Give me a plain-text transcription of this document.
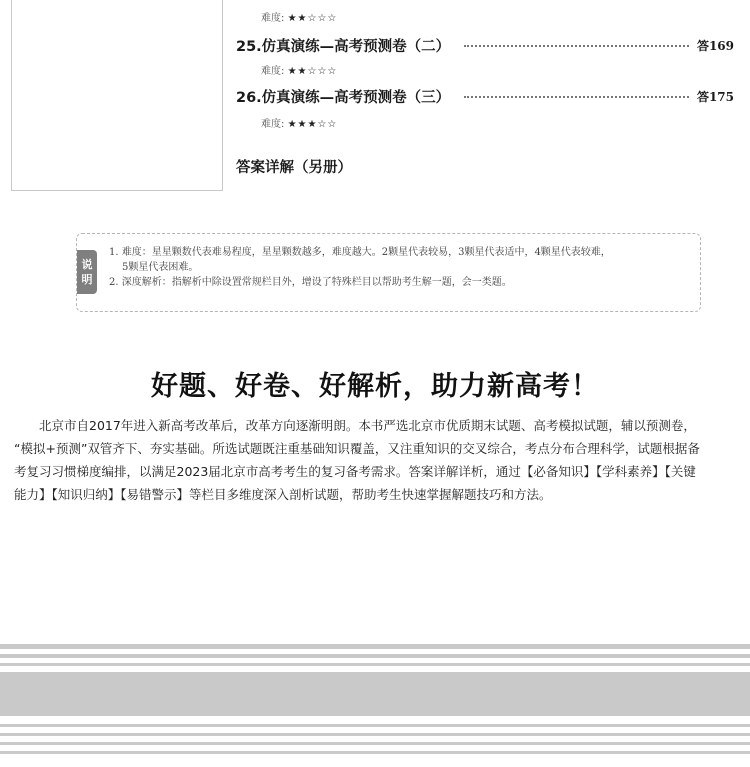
难度: ★★☆☆☆
25.仿真演练—高考预测卷（二）	答169
难度: ★★☆☆☆
26.仿真演练—高考预测卷（三）	答175
难度: ★★★☆☆
答案详解（另册）
说
明
1. 难度：星星颗数代表难易程度，星星颗数越多，难度越大。2颗星代表较易，3颗星代表适中，4颗星代表较难，
5颗星代表困难。
2. 深度解析：指解析中除设置常规栏目外，增设了特殊栏目以帮助考生解一题，会一类题。
好题、好卷、好解析，助力新高考！
北京市自2017年进入新高考改革后，改革方向逐渐明朗。本书严选北京市优质期末试题、高考模拟试题，辅以预测卷，
“模拟+预测”双管齐下、夯实基础。所选试题既注重基础知识覆盖，又注重知识的交叉综合，考点分布合理科学，试题根据备
考复习习惯梯度编排，以满足2023届北京市高考考生的复习备考需求。答案详解详析，通过【必备知识】【学科素养】【关键
能力】【知识归纳】【易错警示】等栏目多维度深入剖析试题，帮助考生快速掌握解题技巧和方法。
